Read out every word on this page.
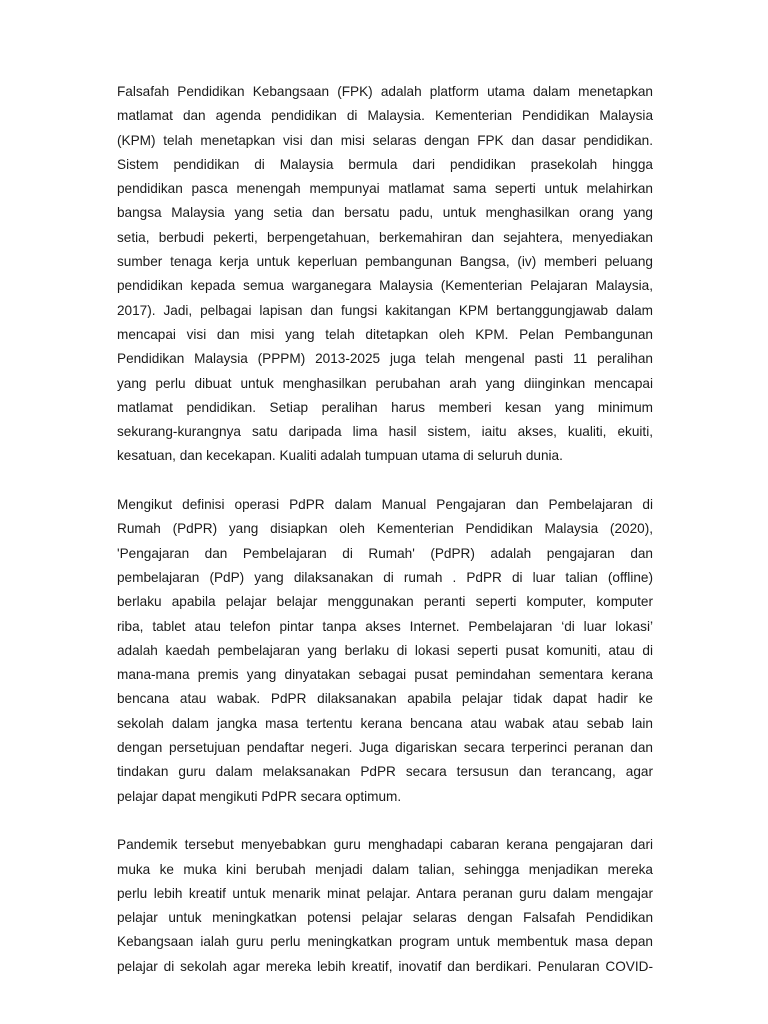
Falsafah Pendidikan Kebangsaan (FPK) adalah platform utama dalam menetapkan
matlamat dan agenda pendidikan di Malaysia. Kementerian Pendidikan Malaysia
(KPM) telah menetapkan visi dan misi selaras dengan FPK dan dasar pendidikan.
Sistem pendidikan di Malaysia bermula dari pendidikan prasekolah hingga
pendidikan pasca menengah mempunyai matlamat sama seperti untuk melahirkan
bangsa Malaysia yang setia dan bersatu padu, untuk menghasilkan orang yang
setia, berbudi pekerti, berpengetahuan, berkemahiran dan sejahtera, menyediakan
sumber tenaga kerja untuk keperluan pembangunan Bangsa, (iv) memberi peluang
pendidikan kepada semua warganegara Malaysia (Kementerian Pelajaran Malaysia,
2017). Jadi, pelbagai lapisan dan fungsi kakitangan KPM bertanggungjawab dalam
mencapai visi dan misi yang telah ditetapkan oleh KPM. Pelan Pembangunan
Pendidikan Malaysia (PPPM) 2013-2025 juga telah mengenal pasti 11 peralihan
yang perlu dibuat untuk menghasilkan perubahan arah yang diinginkan mencapai
matlamat pendidikan. Setiap peralihan harus memberi kesan yang minimum
sekurang-kurangnya satu daripada lima hasil sistem, iaitu akses, kualiti, ekuiti,
kesatuan, dan kecekapan. Kualiti adalah tumpuan utama di seluruh dunia.
Mengikut definisi operasi PdPR dalam Manual Pengajaran dan Pembelajaran di
Rumah (PdPR) yang disiapkan oleh Kementerian Pendidikan Malaysia (2020),
'Pengajaran dan Pembelajaran di Rumah' (PdPR) adalah pengajaran dan
pembelajaran (PdP) yang dilaksanakan di rumah . PdPR di luar talian (offline)
berlaku apabila pelajar belajar menggunakan peranti seperti komputer, komputer
riba, tablet atau telefon pintar tanpa akses Internet. Pembelajaran ‘di luar lokasi’
adalah kaedah pembelajaran yang berlaku di lokasi seperti pusat komuniti, atau di
mana-mana premis yang dinyatakan sebagai pusat pemindahan sementara kerana
bencana atau wabak. PdPR dilaksanakan apabila pelajar tidak dapat hadir ke
sekolah dalam jangka masa tertentu kerana bencana atau wabak atau sebab lain
dengan persetujuan pendaftar negeri. Juga digariskan secara terperinci peranan dan
tindakan guru dalam melaksanakan PdPR secara tersusun dan terancang, agar
pelajar dapat mengikuti PdPR secara optimum.
Pandemik tersebut menyebabkan guru menghadapi cabaran kerana pengajaran dari
muka ke muka kini berubah menjadi dalam talian, sehingga menjadikan mereka
perlu lebih kreatif untuk menarik minat pelajar. Antara peranan guru dalam mengajar
pelajar untuk meningkatkan potensi pelajar selaras dengan Falsafah Pendidikan
Kebangsaan ialah guru perlu meningkatkan program untuk membentuk masa depan
pelajar di sekolah agar mereka lebih kreatif, inovatif dan berdikari. Penularan COVID-
